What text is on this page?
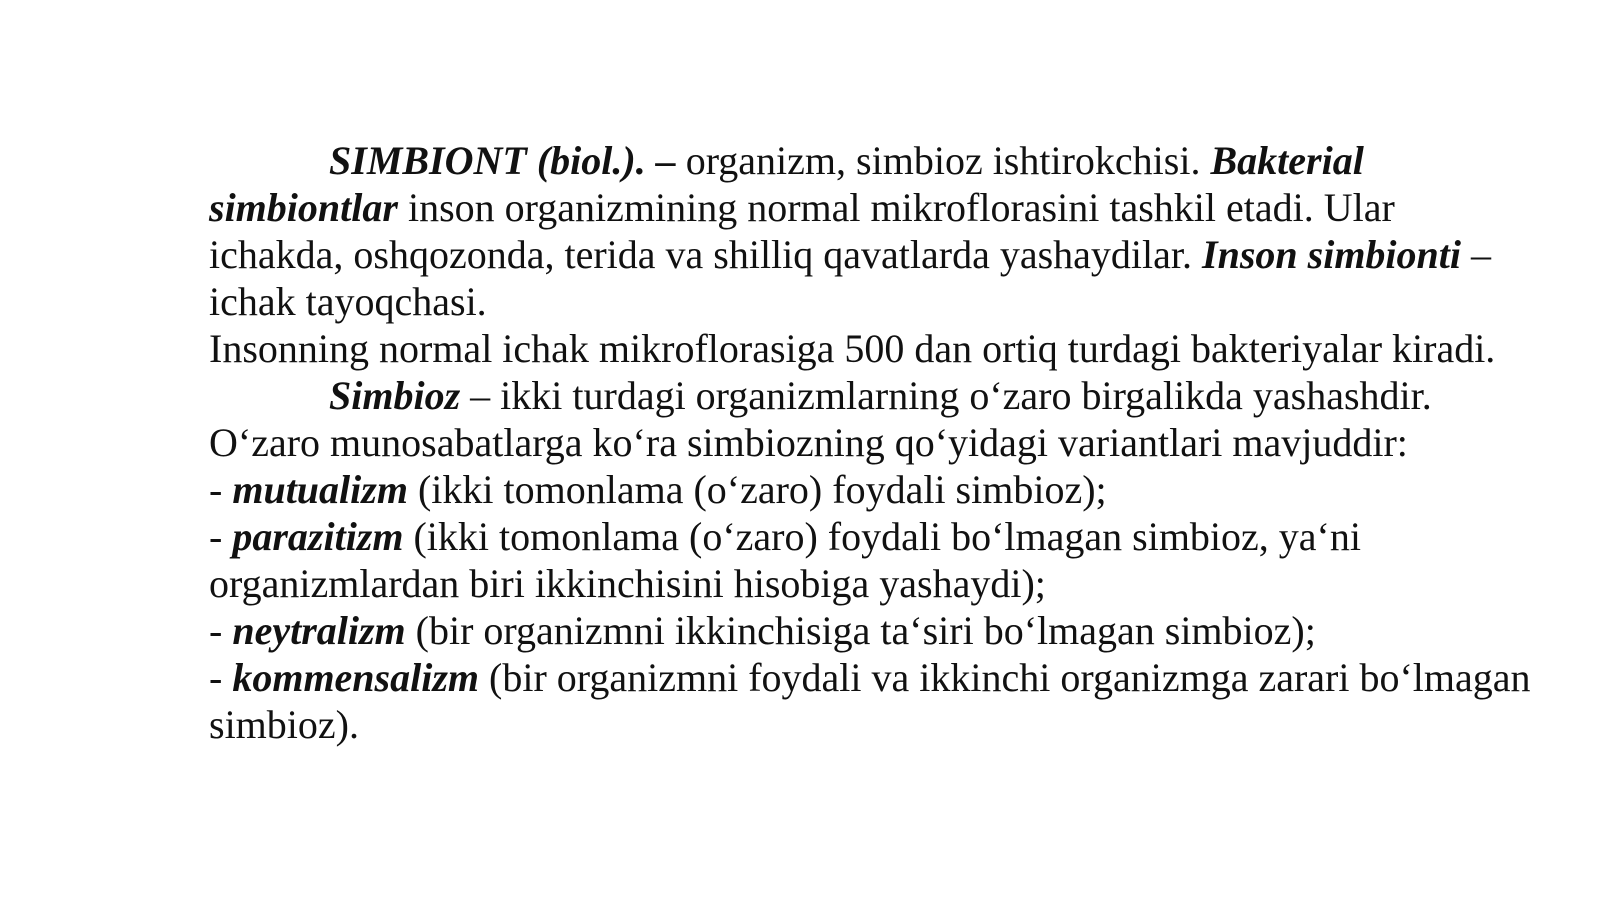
SIMBIONT (biol.). – organizm, simbioz ishtirokchisi. Bakterial simbiontlar inson organizmining normal mikroflorasini tashkil etadi. Ular ichakda, oshqozonda, terida va shilliq qavatlarda yashaydilar. Inson simbionti – ichak tayoqchasi.

Insonning normal ichak mikroflorasiga 500 dan ortiq turdagi bakteriyalar kiradi.

Simbioz – ikki turdagi organizmlarning o‘zaro birgalikda yashashdir.

O‘zaro munosabatlarga ko‘ra simbiozning qo‘yidagi variantlari mavjuddir:

- mutualizm (ikki tomonlama (o‘zaro) foydali simbioz);

- parazitizm (ikki tomonlama (o‘zaro) foydali bo‘lmagan simbioz, ya‘ni organizmlardan biri ikkinchisini hisobiga yashaydi);

- neytralizm (bir organizmni ikkinchisiga ta‘siri bo‘lmagan simbioz);

- kommensalizm (bir organizmni foydali va ikkinchi organizmga zarari bo‘lmagan simbioz).
